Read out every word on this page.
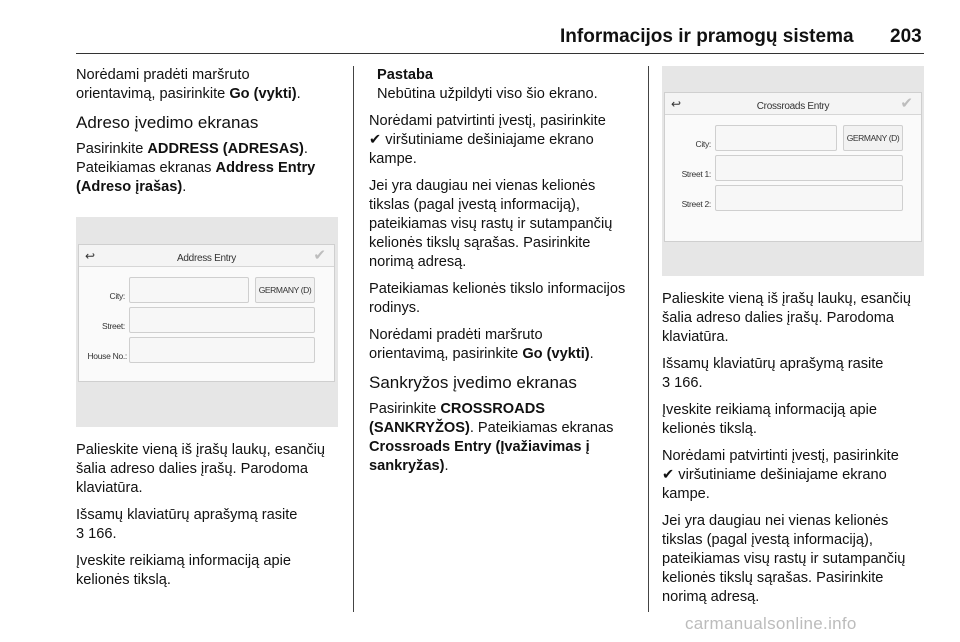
Informacijos ir pramogų sistema 203

Norėdami pradėti maršruto
orientavimą, pasirinkite Go (vykti).

Adreso įvedimo ekranas

Pasirinkite ADDRESS (ADRESAS). Pateikiamas ekranas Address Entry (Adreso įrašas).

↩	Address Entry	✔
City:
GERMANY (D)
Street:
House No.:

Palieskite vieną iš įrašų laukų, esančių šalia adreso dalies įrašų. Parodoma klaviatūra.

Išsamų klaviatūrų aprašymą rasite
3 166.

Įveskite reikiamą informaciją apie kelionės tikslą.

Pastaba

Nebūtina užpildyti viso šio ekrano.

Norėdami patvirtinti įvestį, pasirinkite
✔ viršutiniame dešiniajame ekrano kampe.

Jei yra daugiau nei vienas kelionės tikslas (pagal įvestą informaciją), pateikiamas visų rastų ir sutampančių kelionės tikslų sąrašas. Pasirinkite norimą adresą.

Pateikiamas kelionės tikslo informacijos rodinys.

Norėdami pradėti maršruto
orientavimą, pasirinkite Go (vykti).

Sankryžos įvedimo ekranas

Pasirinkite CROSSROADS (SANKRYŽOS). Pateikiamas ekranas Crossroads Entry (Įvažiavimas į sankryžas).

↩	Crossroads Entry	✔
City:
GERMANY (D)
Street 1:
Street 2:

Palieskite vieną iš įrašų laukų, esančių šalia adreso dalies įrašų. Parodoma klaviatūra.

Išsamų klaviatūrų aprašymą rasite
3 166.

Įveskite reikiamą informaciją apie kelionės tikslą.

Norėdami patvirtinti įvestį, pasirinkite
✔ viršutiniame dešiniajame ekrano kampe.

Jei yra daugiau nei vienas kelionės tikslas (pagal įvestą informaciją), pateikiamas visų rastų ir sutampančių kelionės tikslų sąrašas. Pasirinkite norimą adresą.

carmanualsonline.info
